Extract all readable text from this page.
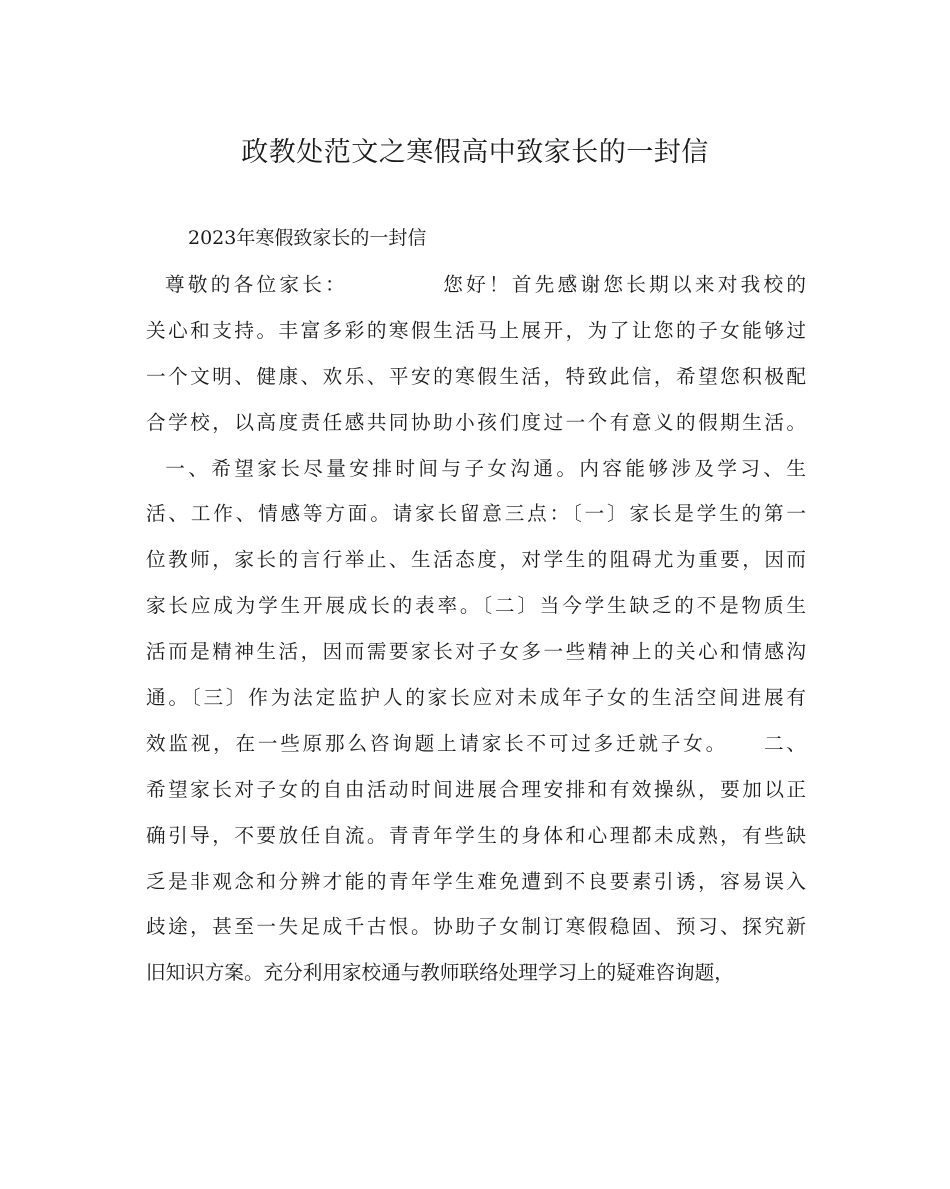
政教处范文之寒假高中致家长的一封信

2023年寒假致家长的一封信

尊敬的各位家长：          您好！首先感谢您长期以来对我校的
关心和支持。丰富多彩的寒假生活马上展开，为了让您的子女能够过
一个文明、健康、欢乐、平安的寒假生活，特致此信，希望您积极配
合学校，以高度责任感共同协助小孩们度过一个有意义的假期生活。
一、希望家长尽量安排时间与子女沟通。内容能够涉及学习、生
活、工作、情感等方面。请家长留意三点：〔一〕家长是学生的第一
位教师，家长的言行举止、生活态度，对学生的阻碍尤为重要，因而
家长应成为学生开展成长的表率。〔二〕当今学生缺乏的不是物质生
活而是精神生活，因而需要家长对子女多一些精神上的关心和情感沟
通。〔三〕作为法定监护人的家长应对未成年子女的生活空间进展有
效监视，在一些原那么咨询题上请家长不可过多迁就子女。    二、
希望家长对子女的自由活动时间进展合理安排和有效操纵，要加以正
确引导，不要放任自流。青青年学生的身体和心理都未成熟，有些缺
乏是非观念和分辨才能的青年学生难免遭到不良要素引诱，容易误入
歧途，甚至一失足成千古恨。协助子女制订寒假稳固、预习、探究新
旧知识方案。充分利用家校通与教师联络处理学习上的疑难咨询题，
